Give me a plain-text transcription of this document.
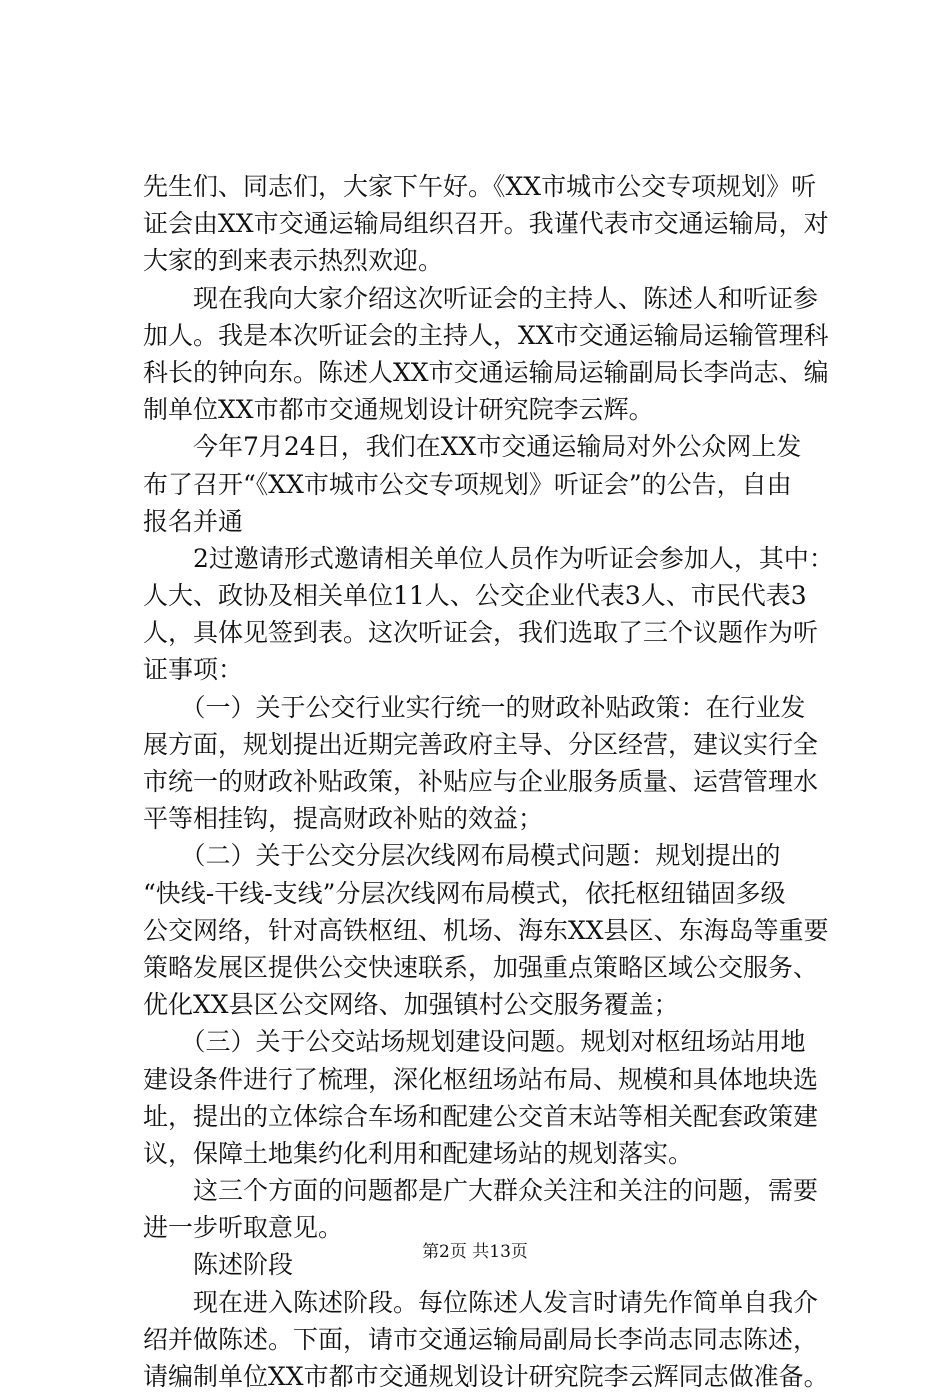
先生们、同志们，大家下午好。《XX市城市公交专项规划》听
证会由XX市交通运输局组织召开。我谨代表市交通运输局，对
大家的到来表示热烈欢迎。
　　现在我向大家介绍这次听证会的主持人、陈述人和听证参
加人。我是本次听证会的主持人，XX市交通运输局运输管理科
科长的钟向东。陈述人XX市交通运输局运输副局长李尚志、编
制单位XX市都市交通规划设计研究院李云辉。
　　今年7月24日，我们在XX市交通运输局对外公众网上发
布了召开“《XX市城市公交专项规划》听证会”的公告，自由
报名并通
　　2过邀请形式邀请相关单位人员作为听证会参加人，其中：
人大、政协及相关单位11人、公交企业代表3人、市民代表3
人，具体见签到表。这次听证会，我们选取了三个议题作为听
证事项：
　　（一）关于公交行业实行统一的财政补贴政策：在行业发
展方面，规划提出近期完善政府主导、分区经营，建议实行全
市统一的财政补贴政策，补贴应与企业服务质量、运营管理水
平等相挂钩，提高财政补贴的效益；
　　（二）关于公交分层次线网布局模式问题：规划提出的
“快线-干线-支线”分层次线网布局模式，依托枢纽锚固多级
公交网络，针对高铁枢纽、机场、海东XX县区、东海岛等重要
策略发展区提供公交快速联系，加强重点策略区域公交服务、
优化XX县区公交网络、加强镇村公交服务覆盖；
　　（三）关于公交站场规划建设问题。规划对枢纽场站用地
建设条件进行了梳理，深化枢纽场站布局、规模和具体地块选
址，提出的立体综合车场和配建公交首末站等相关配套政策建
议，保障土地集约化利用和配建场站的规划落实。
　　这三个方面的问题都是广大群众关注和关注的问题，需要
进一步听取意见。
　　陈述阶段
　　现在进入陈述阶段。每位陈述人发言时请先作简单自我介
绍并做陈述。下面，请市交通运输局副局长李尚志同志陈述，
请编制单位XX市都市交通规划设计研究院李云辉同志做准备。
第2页 共13页
